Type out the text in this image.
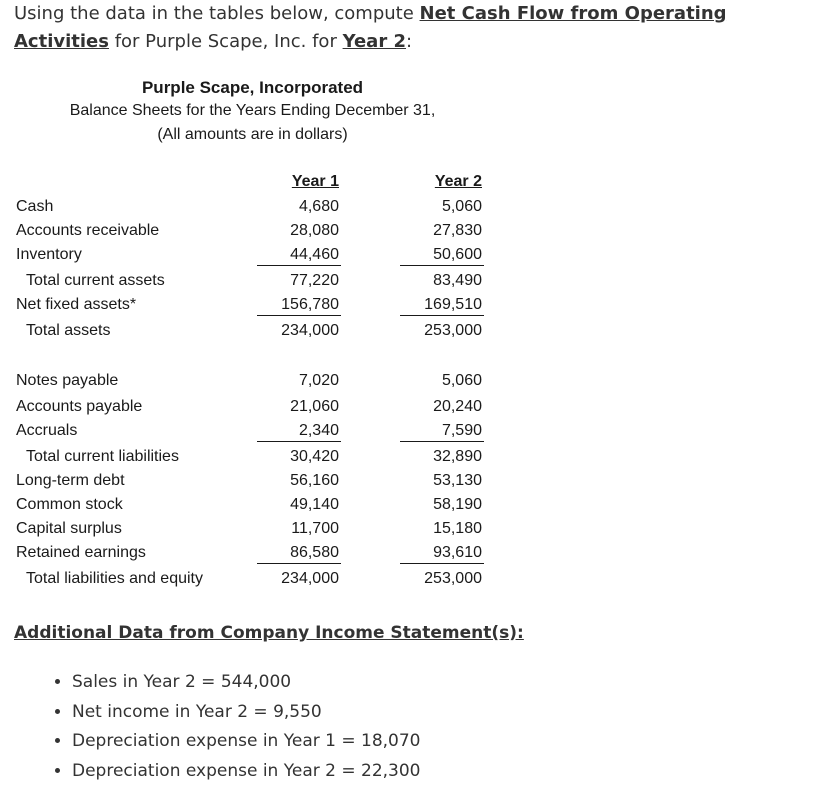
Using the data in the tables below, compute Net Cash Flow from Operating Activities for Purple Scape, Inc. for Year 2:
Purple Scape, Incorporated
Balance Sheets for the Years Ending December 31,
(All amounts are in dollars)
Year 1	Year 2
Cash	4,680	5,060
Accounts receivable	28,080	27,830
Inventory	44,460	50,600
Total current assets	77,220	83,490
Net fixed assets*	156,780	169,510
Total assets	234,000	253,000
Notes payable	7,020	5,060
Accounts payable	21,060	20,240
Accruals	2,340	7,590
Total current liabilities	30,420	32,890
Long-term debt	56,160	53,130
Common stock	49,140	58,190
Capital surplus	11,700	15,180
Retained earnings	86,580	93,610
Total liabilities and equity	234,000	253,000
Additional Data from Company Income Statement(s):
• Sales in Year 2 = 544,000
• Net income in Year 2 = 9,550
• Depreciation expense in Year 1 = 18,070
• Depreciation expense in Year 2 = 22,300
